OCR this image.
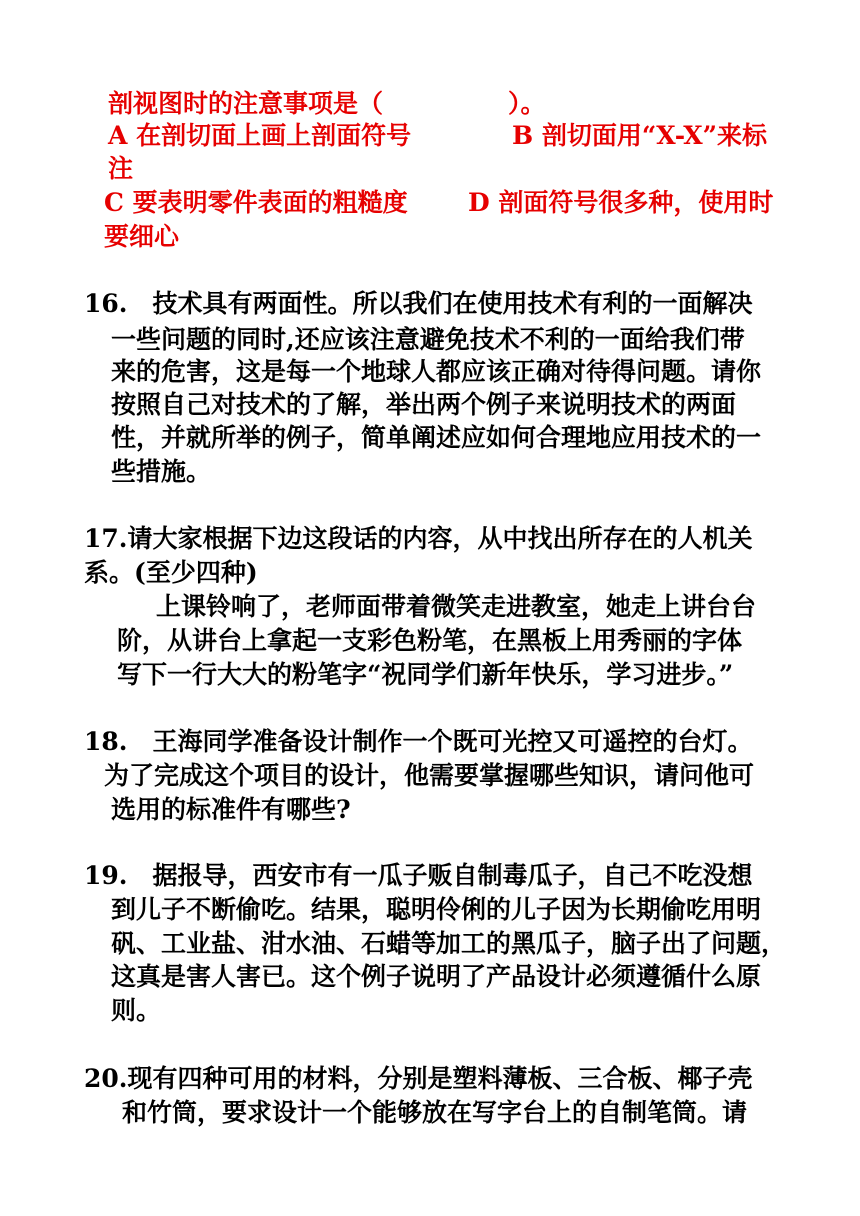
剖视图时的注意事项是（　　　　　）。
A 在剖切面上画上剖面符号	B 剖切面用“X-X”来标
注
C 要表明零件表面的粗糙度 D 剖面符号很多种，使用时
要细心
16.　技术具有两面性。所以我们在使用技术有利的一面解决
一些问题的同时,还应该注意避免技术不利的一面给我们带
来的危害，这是每一个地球人都应该正确对待得问题。请你
按照自己对技术的了解，举出两个例子来说明技术的两面
性，并就所举的例子，简单阐述应如何合理地应用技术的一
些措施。
17.请大家根据下边这段话的内容，从中找出所存在的人机关
系。(至少四种)
上课铃响了，老师面带着微笑走进教室，她走上讲台台
阶，从讲台上拿起一支彩色粉笔，在黑板上用秀丽的字体
写下一行大大的粉笔字“祝同学们新年快乐，学习进步。”
18.　王海同学准备设计制作一个既可光控又可遥控的台灯。
为了完成这个项目的设计，他需要掌握哪些知识，请问他可
选用的标准件有哪些?
19.　据报导，西安市有一瓜子贩自制毒瓜子，自己不吃没想
到儿子不断偷吃。结果，聪明伶俐的儿子因为长期偷吃用明
矾、工业盐、泔水油、石蜡等加工的黑瓜子，脑子出了问题，
这真是害人害已。这个例子说明了产品设计必须遵循什么原
则。
20.现有四种可用的材料，分别是塑料薄板、三合板、椰子壳
和竹筒，要求设计一个能够放在写字台上的自制笔筒。请
